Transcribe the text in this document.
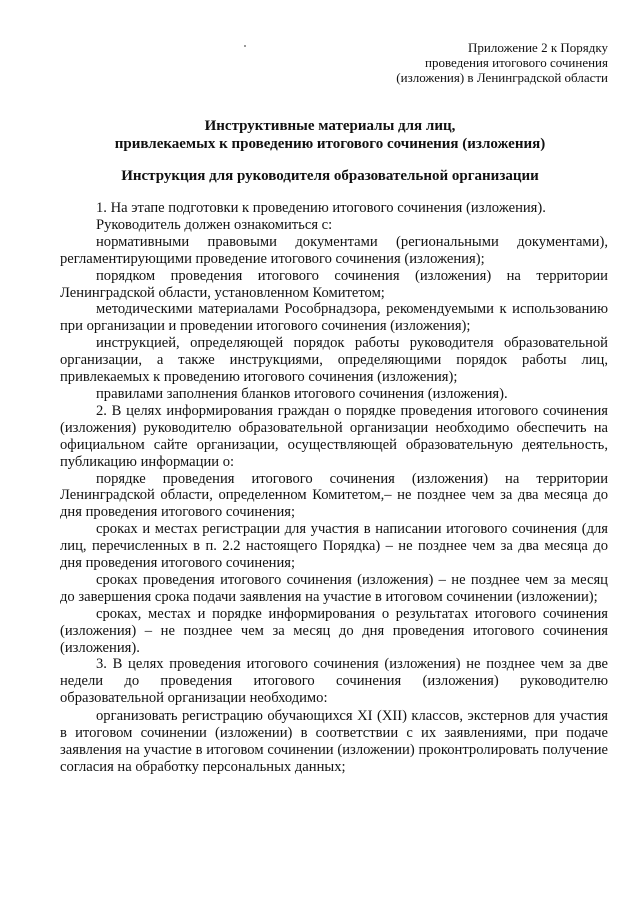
Приложение 2 к Порядку
проведения итогового сочинения
(изложения) в Ленинградской области
Инструктивные материалы для лиц,
привлекаемых к проведению итогового сочинения (изложения)
Инструкция для руководителя образовательной организации

1. На этапе подготовки к проведению итогового сочинения (изложения).

Руководитель должен ознакомиться с:

нормативными правовыми документами (региональными документами), регламентирующими проведение итогового сочинения (изложения);

порядком проведения итогового сочинения (изложения) на территории Ленинградской области, установленном Комитетом;

методическими материалами Рособрнадзора, рекомендуемыми к использованию при организации и проведении итогового сочинения (изложения);

инструкцией, определяющей порядок работы руководителя образовательной организации, а также инструкциями, определяющими порядок работы лиц, привлекаемых к проведению итогового сочинения (изложения);

правилами заполнения бланков итогового сочинения (изложения).

2. В целях информирования граждан о порядке проведения итогового сочинения (изложения) руководителю образовательной организации необходимо обеспечить на официальном сайте организации, осуществляющей образовательную деятельность, публикацию информации о:

порядке проведения итогового сочинения (изложения) на территории Ленинградской области, определенном Комитетом,– не позднее чем за два месяца до дня проведения итогового сочинения;

сроках и местах регистрации для участия в написании итогового сочинения (для лиц, перечисленных в п. 2.2 настоящего Порядка) – не позднее чем за два месяца до дня проведения итогового сочинения;

сроках проведения итогового сочинения (изложения) – не позднее чем за месяц до завершения срока подачи заявления на участие в итоговом сочинении (изложении);

сроках, местах и порядке информирования о результатах итогового сочинения (изложения) – не позднее чем за месяц до дня проведения итогового сочинения (изложения).

3. В целях проведения итогового сочинения (изложения) не позднее чем за две недели до проведения итогового сочинения (изложения) руководителю образовательной организации необходимо:

организовать регистрацию обучающихся XI (XII) классов, экстернов для участия в итоговом сочинении (изложении) в соответствии с их заявлениями, при подаче заявления на участие в итоговом сочинении (изложении) проконтролировать получение согласия на обработку персональных данных;
